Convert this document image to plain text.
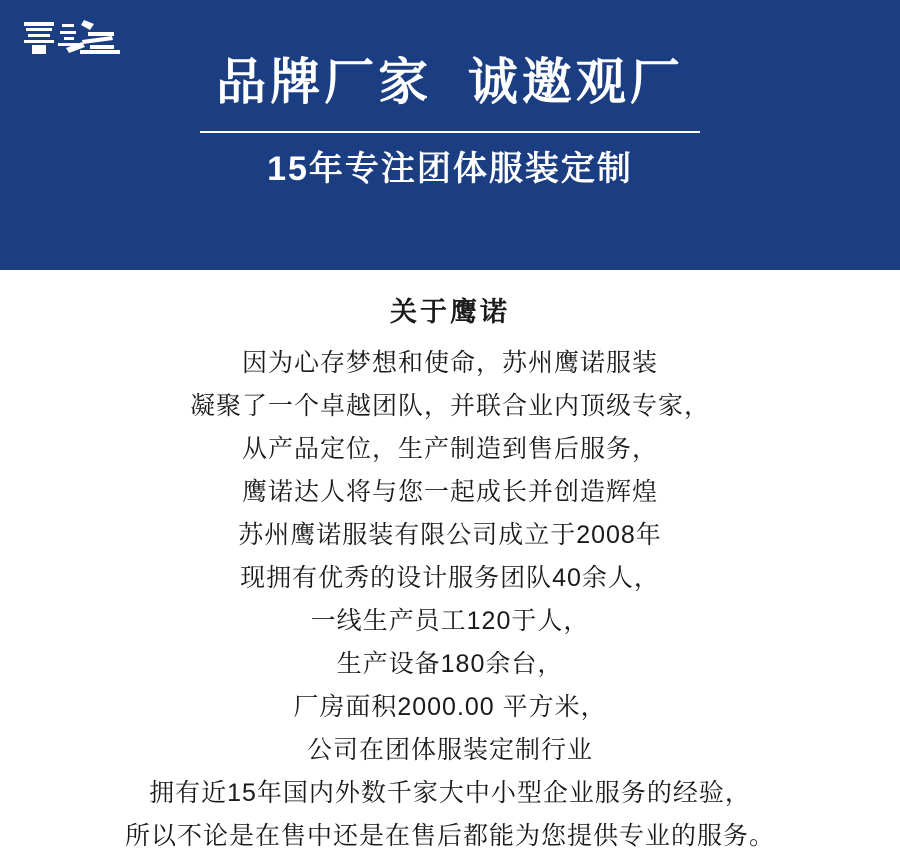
品牌厂家  诚邀观厂
15年专注团体服装定制
关于鹰诺
因为心存梦想和使命，苏州鹰诺服装
凝聚了一个卓越团队，并联合业内顶级专家，
从产品定位，生产制造到售后服务，
鹰诺达人将与您一起成长并创造辉煌
苏州鹰诺服装有限公司成立于2008年
现拥有优秀的设计服务团队40余人，
一线生产员工120于人，
生产设备180余台，
厂房面积2000.00 平方米，
公司在团体服装定制行业
拥有近15年国内外数千家大中小型企业服务的经验，
所以不论是在售中还是在售后都能为您提供专业的服务。
